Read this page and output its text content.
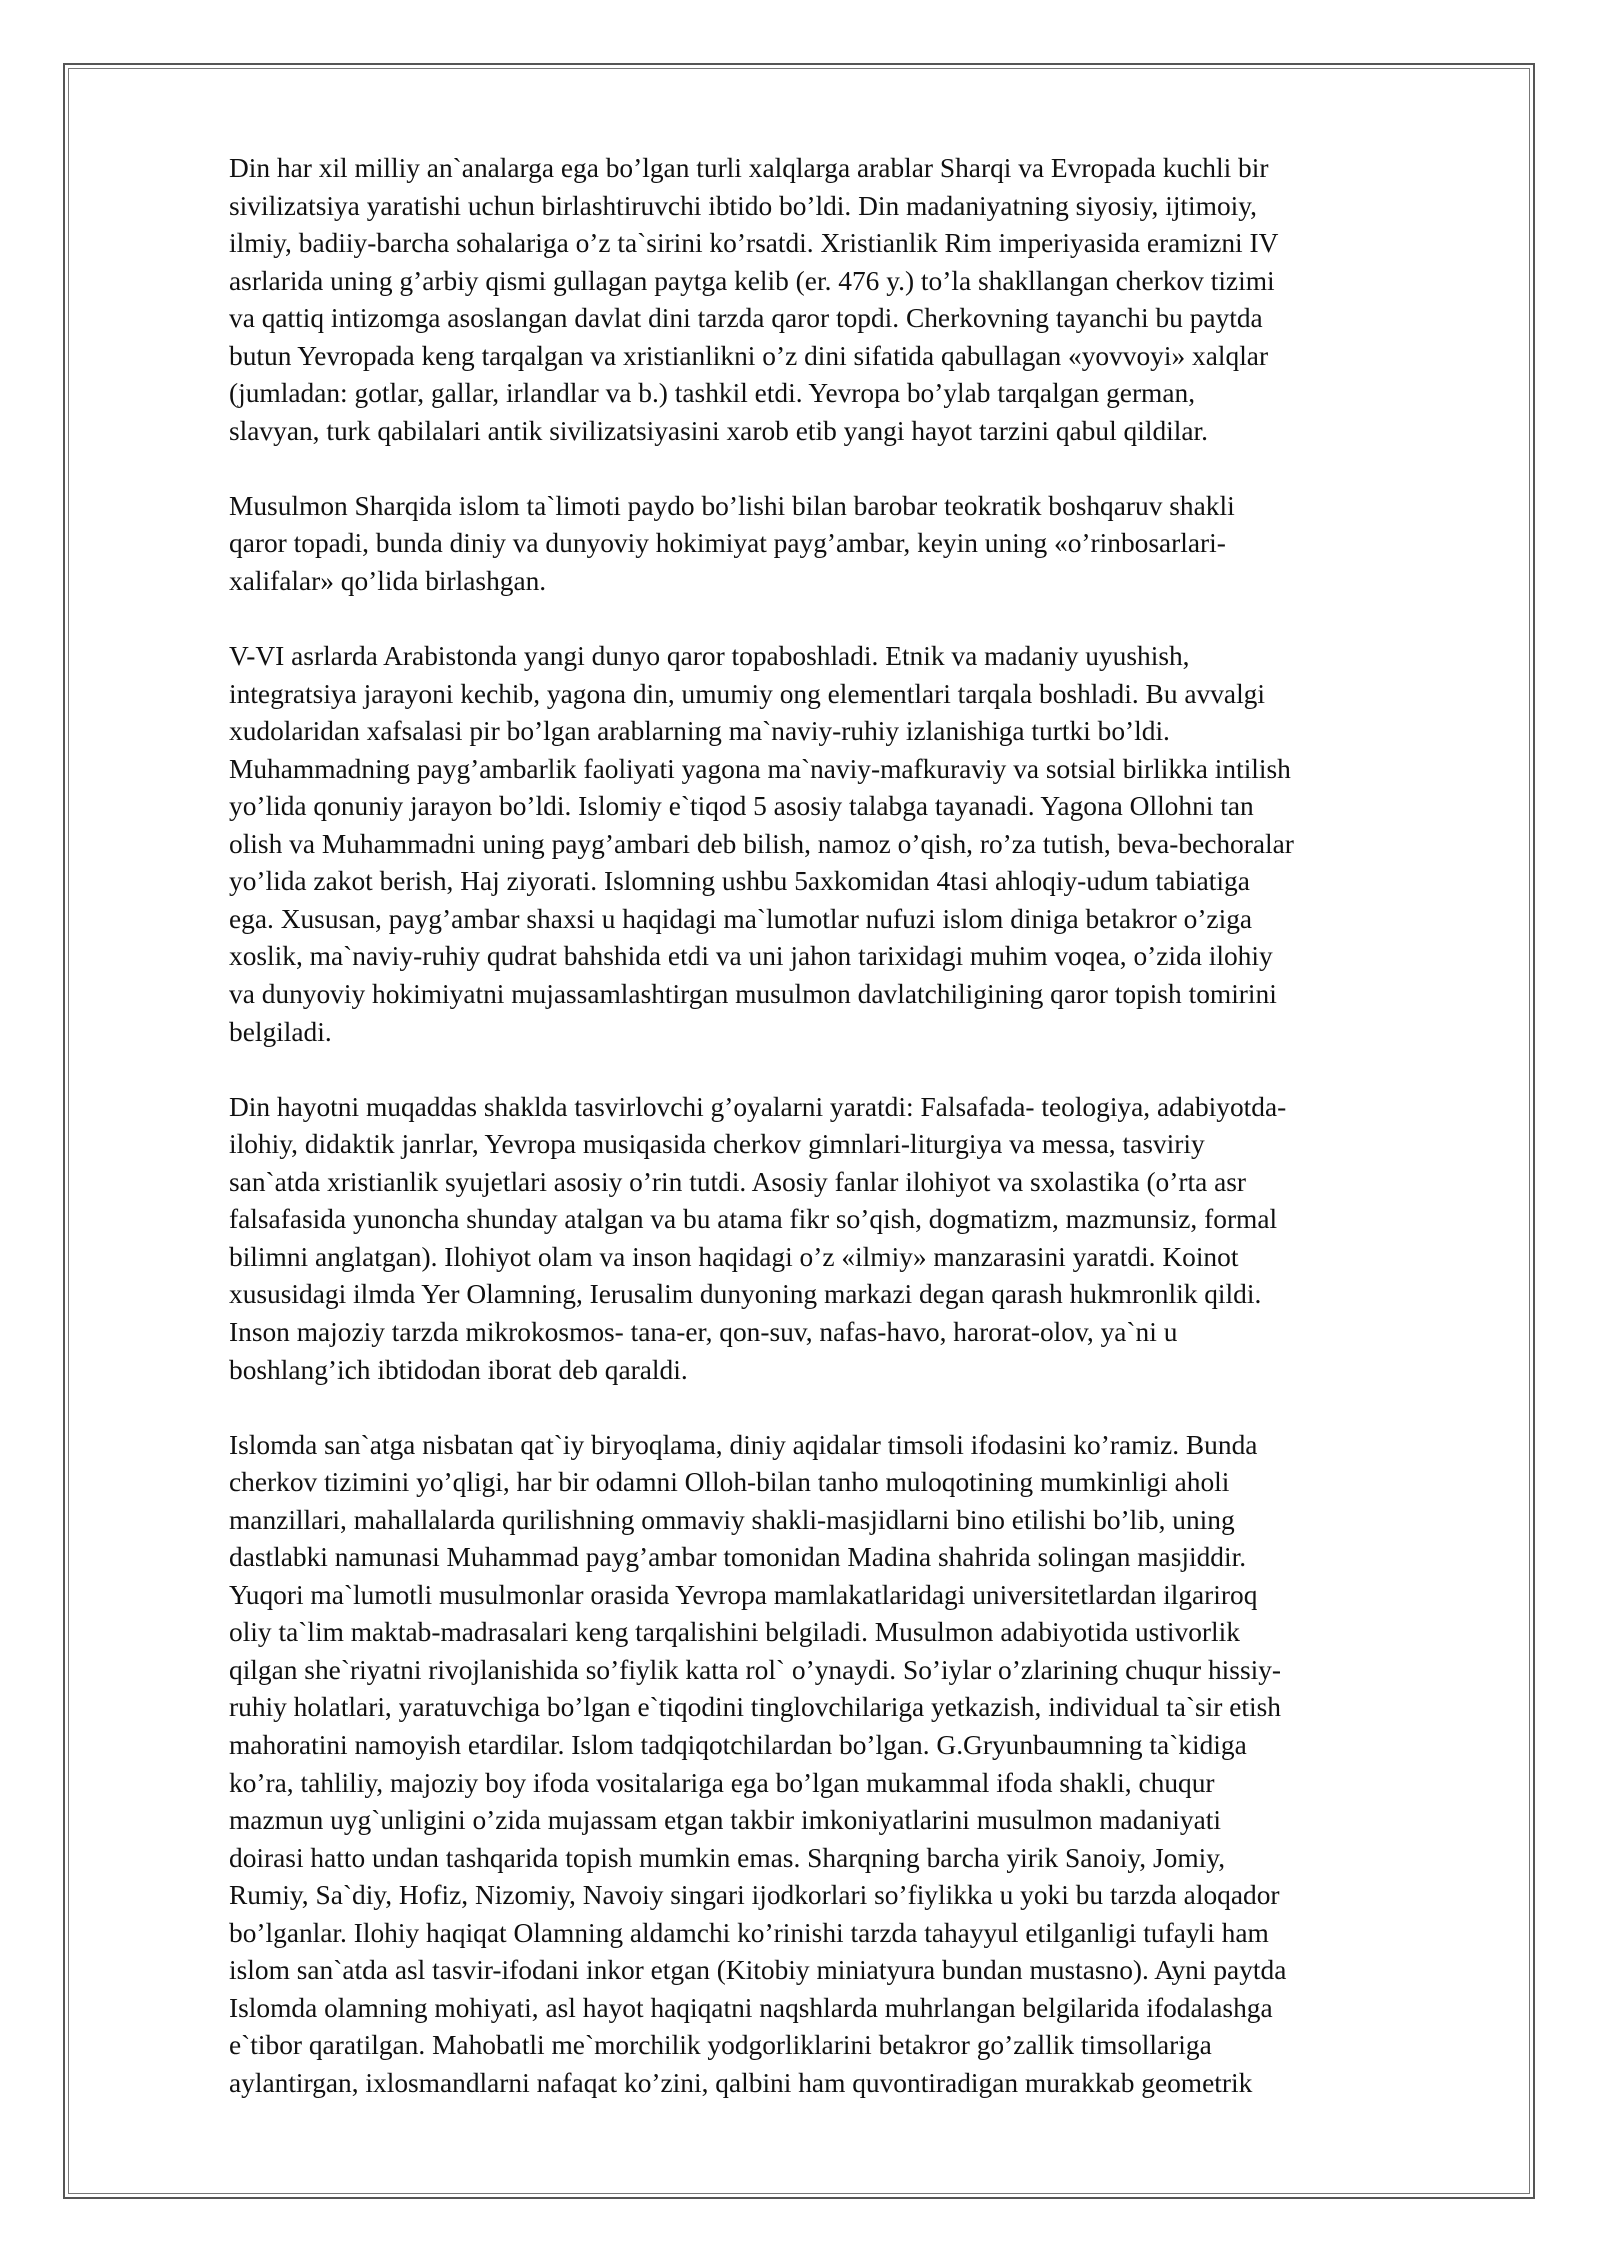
Din har xil milliy an`analarga ega bo’lgan turli xalqlarga arablar Sharqi va Evropada kuchli bir
sivilizatsiya yaratishi uchun birlashtiruvchi ibtido bo’ldi. Din madaniyatning siyosiy, ijtimoiy,
ilmiy, badiiy-barcha sohalariga o’z ta`sirini ko’rsatdi. Xristianlik Rim imperiyasida eramizni IV
asrlarida uning g’arbiy qismi gullagan paytga kelib (er. 476 y.) to’la shakllangan cherkov tizimi
va qattiq intizomga asoslangan davlat dini tarzda qaror topdi. Cherkovning tayanchi bu paytda
butun Yevropada keng tarqalgan va xristianlikni o’z dini sifatida qabullagan «yovvoyi» xalqlar
(jumladan: gotlar, gallar, irlandlar va b.) tashkil etdi. Yevropa bo’ylab tarqalgan german,
slavyan, turk qabilalari antik sivilizatsiyasini xarob etib yangi hayot tarzini qabul qildilar.
Musulmon Sharqida islom ta`limoti paydo bo’lishi bilan barobar teokratik boshqaruv shakli
qaror topadi, bunda diniy va dunyoviy hokimiyat payg’ambar, keyin uning «o’rinbosarlari-
xalifalar» qo’lida birlashgan.
V-VI asrlarda Arabistonda yangi dunyo qaror topaboshladi. Etnik va madaniy uyushish,
integratsiya jarayoni kechib, yagona din, umumiy ong elementlari tarqala boshladi. Bu avvalgi
xudolaridan xafsalasi pir bo’lgan arablarning ma`naviy-ruhiy izlanishiga turtki bo’ldi.
Muhammadning payg’ambarlik faoliyati yagona ma`naviy-mafkuraviy va sotsial birlikka intilish
yo’lida qonuniy jarayon bo’ldi. Islomiy e`tiqod 5 asosiy talabga tayanadi. Yagona Ollohni tan
olish va Muhammadni uning payg’ambari deb bilish, namoz o’qish, ro’za tutish, beva-bechoralar
yo’lida zakot berish, Haj ziyorati. Islomning ushbu 5axkomidan 4tasi ahloqiy-udum tabiatiga
ega. Xususan, payg’ambar shaxsi u haqidagi ma`lumotlar nufuzi islom diniga betakror o’ziga
xoslik, ma`naviy-ruhiy qudrat bahshida etdi va uni jahon tarixidagi muhim voqea, o’zida ilohiy
va dunyoviy hokimiyatni mujassamlashtirgan musulmon davlatchiligining qaror topish tomirini
belgiladi.
Din hayotni muqaddas shaklda tasvirlovchi g’oyalarni yaratdi: Falsafada- teologiya, adabiyotda-
ilohiy, didaktik janrlar, Yevropa musiqasida cherkov gimnlari-liturgiya va messa, tasviriy
san`atda xristianlik syujetlari asosiy o’rin tutdi. Asosiy fanlar ilohiyot va sxolastika (o’rta asr
falsafasida yunoncha shunday atalgan va bu atama fikr so’qish, dogmatizm, mazmunsiz, formal
bilimni anglatgan). Ilohiyot olam va inson haqidagi o’z «ilmiy» manzarasini yaratdi. Koinot
xususidagi ilmda Yer Olamning, Ierusalim dunyoning markazi degan qarash hukmronlik qildi.
Inson majoziy tarzda mikrokosmos- tana-er, qon-suv, nafas-havo, harorat-olov, ya`ni u
boshlang’ich ibtidodan iborat deb qaraldi.
Islomda san`atga nisbatan qat`iy biryoqlama, diniy aqidalar timsoli ifodasini ko’ramiz. Bunda
cherkov tizimini yo’qligi, har bir odamni Olloh-bilan tanho muloqotining mumkinligi aholi
manzillari, mahallalarda qurilishning ommaviy shakli-masjidlarni bino etilishi bo’lib, uning
dastlabki namunasi Muhammad payg’ambar tomonidan Madina shahrida solingan masjiddir.
Yuqori ma`lumotli musulmonlar orasida Yevropa mamlakatlaridagi universitetlardan ilgariroq
oliy ta`lim maktab-madrasalari keng tarqalishini belgiladi. Musulmon adabiyotida ustivorlik
qilgan she`riyatni rivojlanishida so’fiylik katta rol` o’ynaydi. So’iylar o’zlarining chuqur hissiy-
ruhiy holatlari, yaratuvchiga bo’lgan e`tiqodini tinglovchilariga yetkazish, individual ta`sir etish
mahoratini namoyish etardilar. Islom tadqiqotchilardan bo’lgan. G.Gryunbaumning ta`kidiga
ko’ra, tahliliy, majoziy boy ifoda vositalariga ega bo’lgan mukammal ifoda shakli, chuqur
mazmun uyg`unligini o’zida mujassam etgan takbir imkoniyatlarini musulmon madaniyati
doirasi hatto undan tashqarida topish mumkin emas. Sharqning barcha yirik Sanoiy, Jomiy,
Rumiy, Sa`diy, Hofiz, Nizomiy, Navoiy singari ijodkorlari so’fiylikka u yoki bu tarzda aloqador
bo’lganlar. Ilohiy haqiqat Olamning aldamchi ko’rinishi tarzda tahayyul etilganligi tufayli ham
islom san`atda asl tasvir-ifodani inkor etgan (Kitobiy miniatyura bundan mustasno). Ayni paytda
Islomda olamning mohiyati, asl hayot haqiqatni naqshlarda muhrlangan belgilarida ifodalashga
e`tibor qaratilgan. Mahobatli me`morchilik yodgorliklarini betakror go’zallik timsollariga
aylantirgan, ixlosmandlarni nafaqat ko’zini, qalbini ham quvontiradigan murakkab geometrik
